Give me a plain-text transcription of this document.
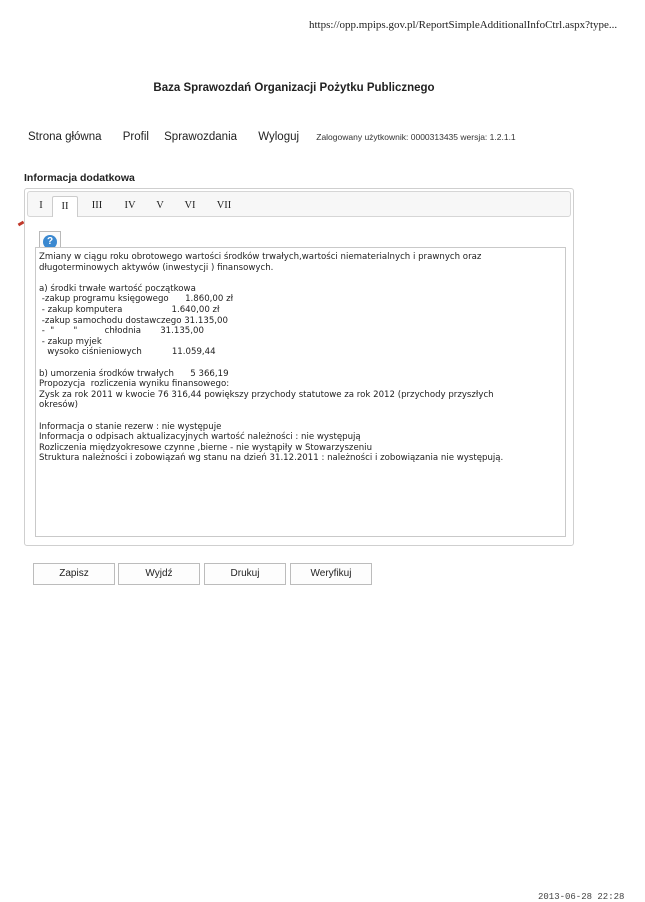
https://opp.mpips.gov.pl/ReportSimpleAdditionalInfoCtrl.aspx?type...
Baza Sprawozdań Organizacji Pożytku Publicznego
Strona główna Profil Sprawozdania Wyloguj Zalogowany użytkownik: 0000313435 wersja: 1.2.1.1
Informacja dodatkowa
I	II	III	IV	V	VI	VII
?
Zmiany w ciągu roku obrotowego wartości środków trwałych,wartości niematerialnych i prawnych oraz
długoterminowych aktywów (inwestycji ) finansowych.
a) środki trwałe wartość początkowa
-zakup programu księgowego      1.860,00 zł
- zakup komputera                  1.640,00 zł
-zakup samochodu dostawczego 31.135,00
-  "       "          chłodnia       31.135,00
- zakup myjek
wysoko ciśnieniowych           11.059,44
b) umorzenia środków trwałych      5 366,19
Propozycja  rozliczenia wyniku finansowego:
Zysk za rok 2011 w kwocie 76 316,44 powiększy przychody statutowe za rok 2012 (przychody przyszłych
okresów)
Informacja o stanie rezerw : nie występuje
Informacja o odpisach aktualizacyjnych wartość należności : nie występują
Rozliczenia międzyokresowe czynne ,bierne - nie wystąpiły w Stowarzyszeniu
Struktura należności i zobowiązań wg stanu na dzień 31.12.2011 : należności i zobowiązania nie występują.
Zapisz	Wyjdź	Drukuj	Weryfikuj
2013-06-28 22:28
